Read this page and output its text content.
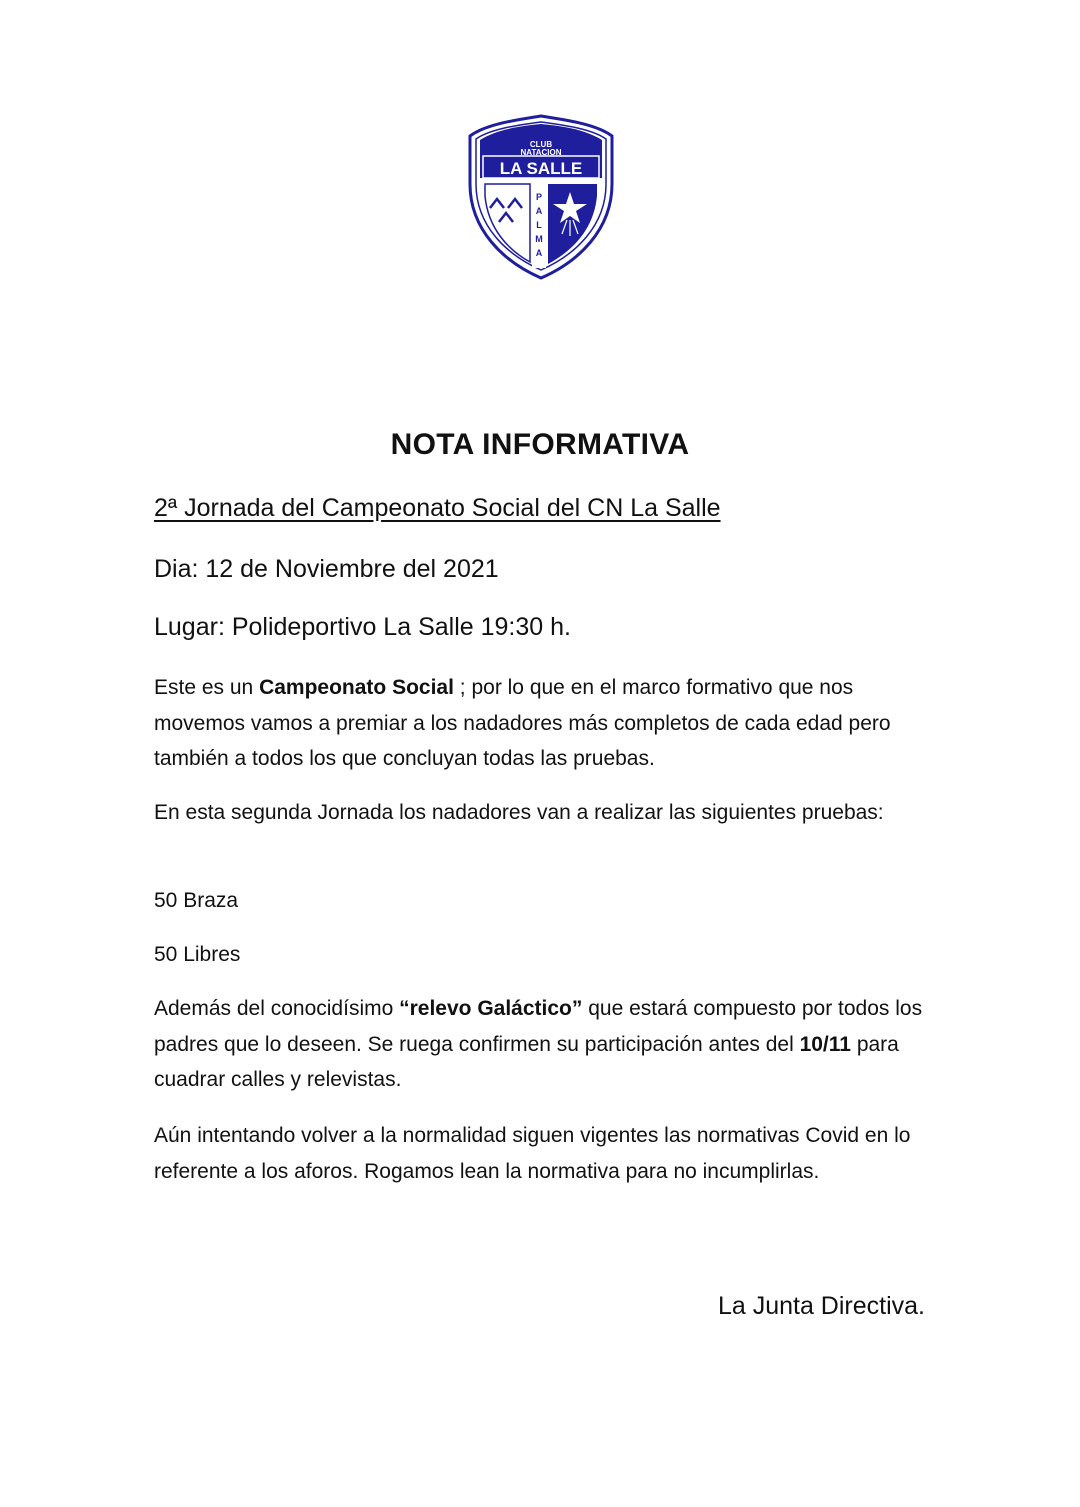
CLUB
NATACION
LA SALLE
P
A
L
M
A
NOTA INFORMATIVA

2ª Jornada del Campeonato Social del CN La Salle

Dia: 12 de Noviembre del 2021

Lugar: Polideportivo La Salle 19:30 h.

Este es un Campeonato Social ; por lo que en el marco formativo que nos movemos vamos a premiar a los nadadores más completos de cada edad pero también a todos los que concluyan todas las pruebas.

En esta segunda Jornada los nadadores van a realizar las siguientes pruebas:

50 Braza

50 Libres

Además del conocidísimo “relevo Galáctico” que estará compuesto por todos los padres que lo deseen. Se ruega confirmen su participación antes del 10/11 para cuadrar calles y relevistas.

Aún intentando volver a la normalidad siguen vigentes las normativas Covid en lo referente a los aforos. Rogamos lean la normativa para no incumplirlas.

La Junta Directiva.
